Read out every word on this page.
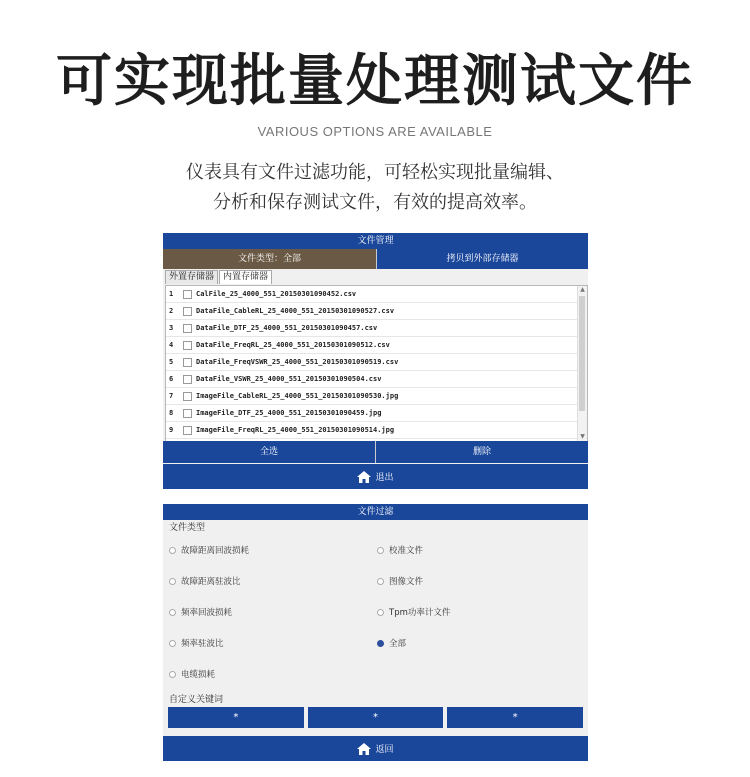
可实现批量处理测试文件
VARIOUS OPTIONS ARE AVAILABLE
仪表具有文件过滤功能，可轻松实现批量编辑、
分析和保存测试文件，有效的提高效率。
文件管理
文件类型：全部	拷贝到外部存储器
外置存储器 内置存储器
1	CalFile_25_4000_551_20150301090452.csv
2	DataFile_CableRL_25_4000_551_20150301090527.csv
3	DataFile_DTF_25_4000_551_20150301090457.csv
4	DataFile_FreqRL_25_4000_551_20150301090512.csv
5	DataFile_FreqVSWR_25_4000_551_20150301090519.csv
6	DataFile_VSWR_25_4000_551_20150301090504.csv
7	ImageFile_CableRL_25_4000_551_20150301090530.jpg
8	ImageFile_DTF_25_4000_551_20150301090459.jpg
9	ImageFile_FreqRL_25_4000_551_20150301090514.jpg
▲
▼
全选	删除
退出
文件过滤
文件类型
故障距离回波损耗
故障距离驻波比
频率回波损耗
频率驻波比
电缆损耗
校准文件
图像文件
Tpm功率计文件
全部
自定义关键词
*	*	*
返回
